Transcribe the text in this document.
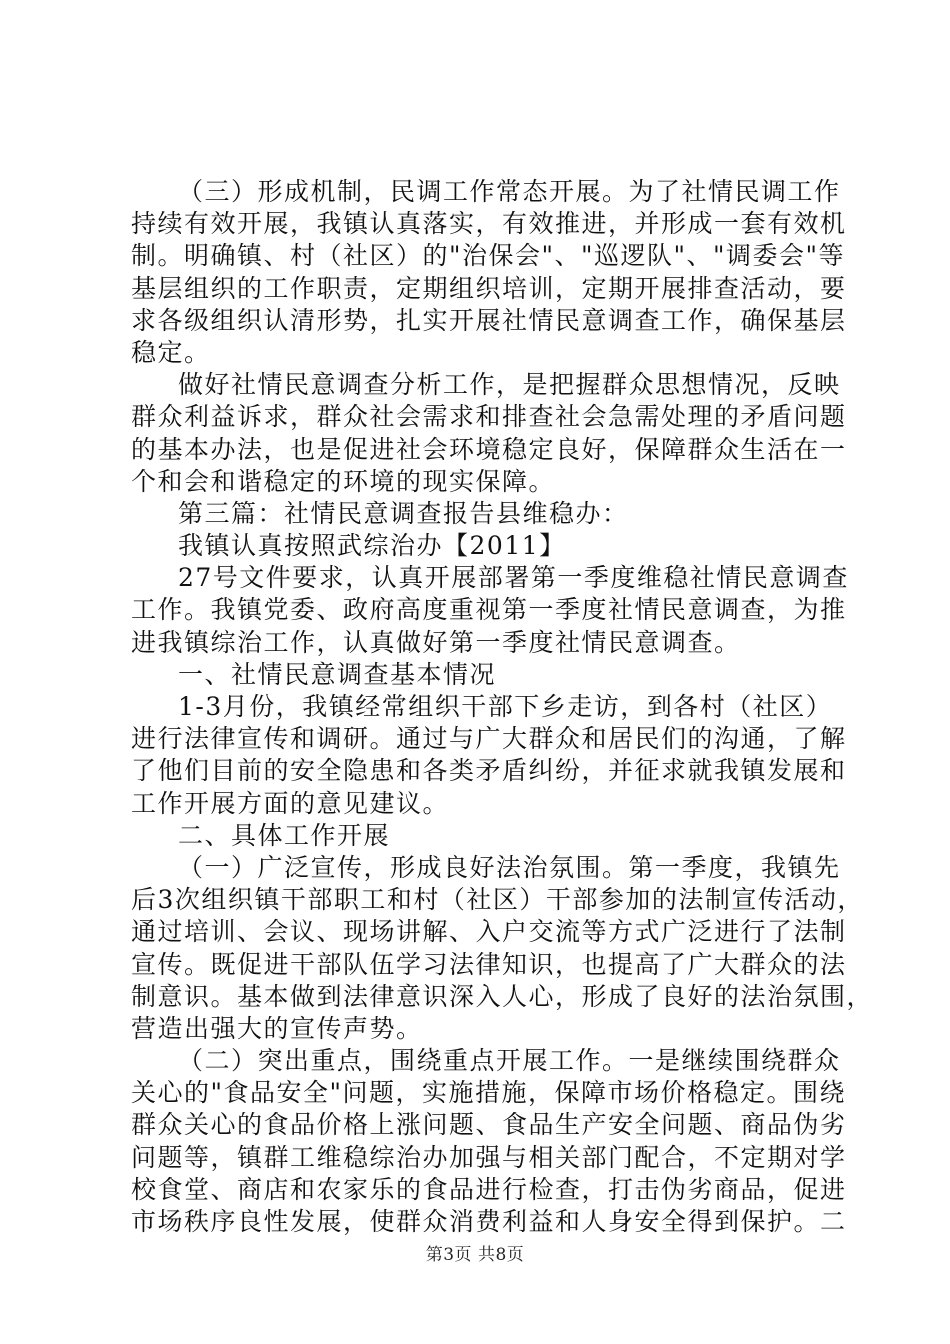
（三）形成机制，民调工作常态开展。为了社情民调工作
持续有效开展，我镇认真落实，有效推进，并形成一套有效机
制。明确镇、村（社区）的"治保会"、"巡逻队"、"调委会"等
基层组织的工作职责，定期组织培训，定期开展排查活动，要
求各级组织认清形势，扎实开展社情民意调查工作，确保基层
稳定。
做好社情民意调查分析工作，是把握群众思想情况，反映
群众利益诉求，群众社会需求和排查社会急需处理的矛盾问题
的基本办法，也是促进社会环境稳定良好，保障群众生活在一
个和会和谐稳定的环境的现实保障。
第三篇：社情民意调查报告县维稳办：
我镇认真按照武综治办【2011】
27号文件要求，认真开展部署第一季度维稳社情民意调查
工作。我镇党委、政府高度重视第一季度社情民意调查，为推
进我镇综治工作，认真做好第一季度社情民意调查。
一、社情民意调查基本情况
1-3月份，我镇经常组织干部下乡走访，到各村（社区）
进行法律宣传和调研。通过与广大群众和居民们的沟通，了解
了他们目前的安全隐患和各类矛盾纠纷，并征求就我镇发展和
工作开展方面的意见建议。
二、具体工作开展
（一）广泛宣传，形成良好法治氛围。第一季度，我镇先
后3次组织镇干部职工和村（社区）干部参加的法制宣传活动，
通过培训、会议、现场讲解、入户交流等方式广泛进行了法制
宣传。既促进干部队伍学习法律知识，也提高了广大群众的法
制意识。基本做到法律意识深入人心，形成了良好的法治氛围，
营造出强大的宣传声势。
（二）突出重点，围绕重点开展工作。一是继续围绕群众
关心的"食品安全"问题，实施措施，保障市场价格稳定。围绕
群众关心的食品价格上涨问题、食品生产安全问题、商品伪劣
问题等，镇群工维稳综治办加强与相关部门配合，不定期对学
校食堂、商店和农家乐的食品进行检查，打击伪劣商品，促进
市场秩序良性发展，使群众消费利益和人身安全得到保护。二
第3页 共8页
